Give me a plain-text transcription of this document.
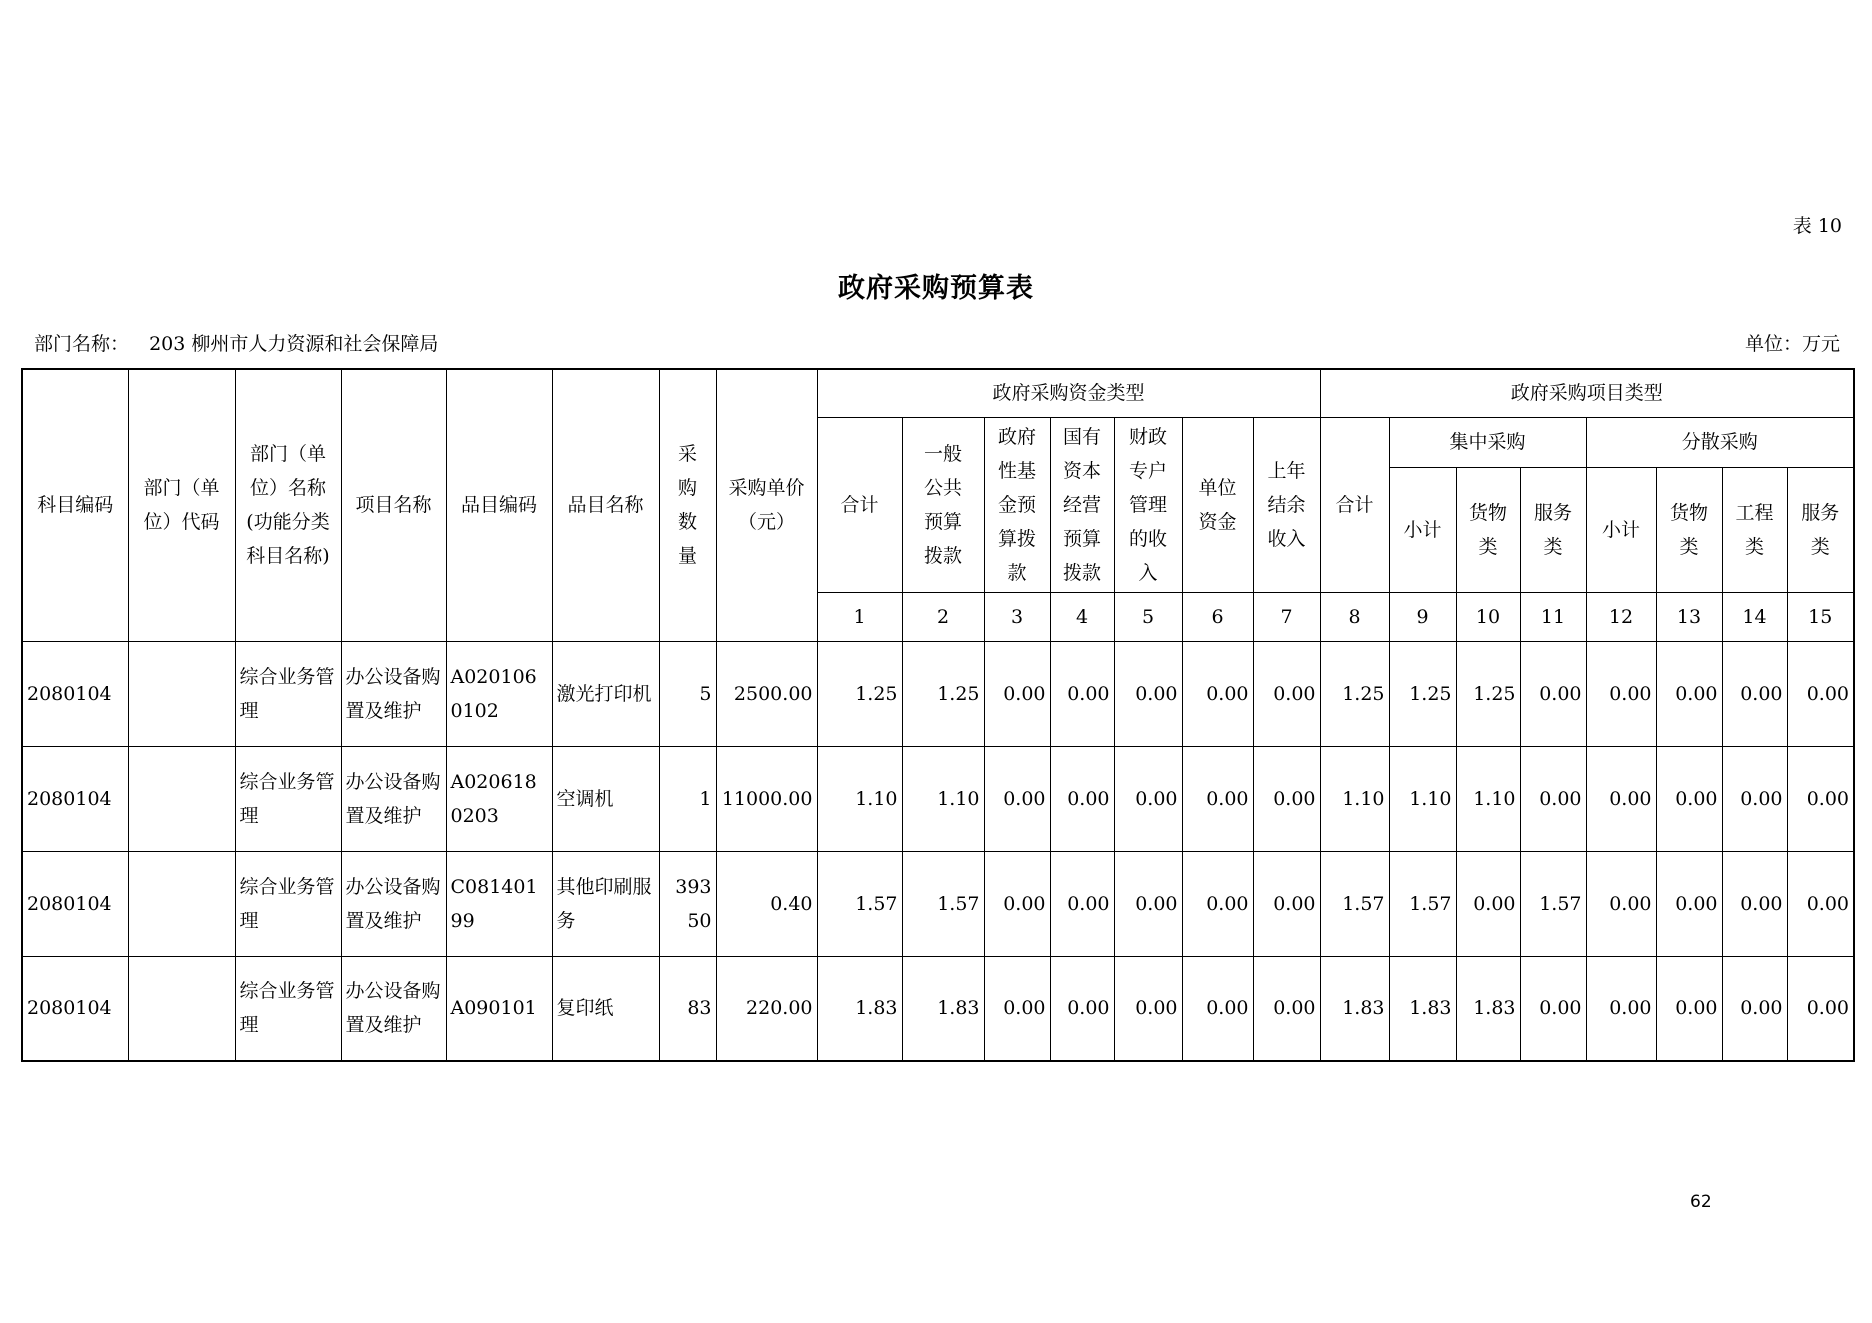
表 10
政府采购预算表
部门名称： 203 柳州市人力资源和社会保障局	单位：万元
科目编码	部门（单位）代码	部门（单位）名称(功能分类科目名称)	项目名称	品目编码	品目名称	采购数量	采购单价（元）	政府采购资金类型							政府采购项目类型							
								合计	一般公共预算拨款	政府性基金预算拨款	国有资本经营预算拨款	财政专户管理的收入	单位资金	上年结余收入	合计	集中采购			分散采购			
																小计	货物类	服务类	小计	货物类	工程类	服务类

								1	2	3	4	5	6	7	8	9	10	11	12	13	14	15
2080104		综合业务管理	办公设备购置及维护	A0201060102	激光打印机	5	2500.00	1.25	1.25	0.00	0.00	0.00	0.00	0.00	1.25	1.25	1.25	0.00	0.00	0.00	0.00	0.00
2080104		综合业务管理	办公设备购置及维护	A0206180203	空调机	1	11000.00	1.10	1.10	0.00	0.00	0.00	0.00	0.00	1.10	1.10	1.10	0.00	0.00	0.00	0.00	0.00
2080104		综合业务管理	办公设备购置及维护	C08140199	其他印刷服务	39350	0.40	1.57	1.57	0.00	0.00	0.00	0.00	0.00	1.57	1.57	0.00	1.57	0.00	0.00	0.00	0.00
2080104		综合业务管理	办公设备购置及维护	A090101	复印纸	83	220.00	1.83	1.83	0.00	0.00	0.00	0.00	0.00	1.83	1.83	1.83	0.00	0.00	0.00	0.00	0.00
62
